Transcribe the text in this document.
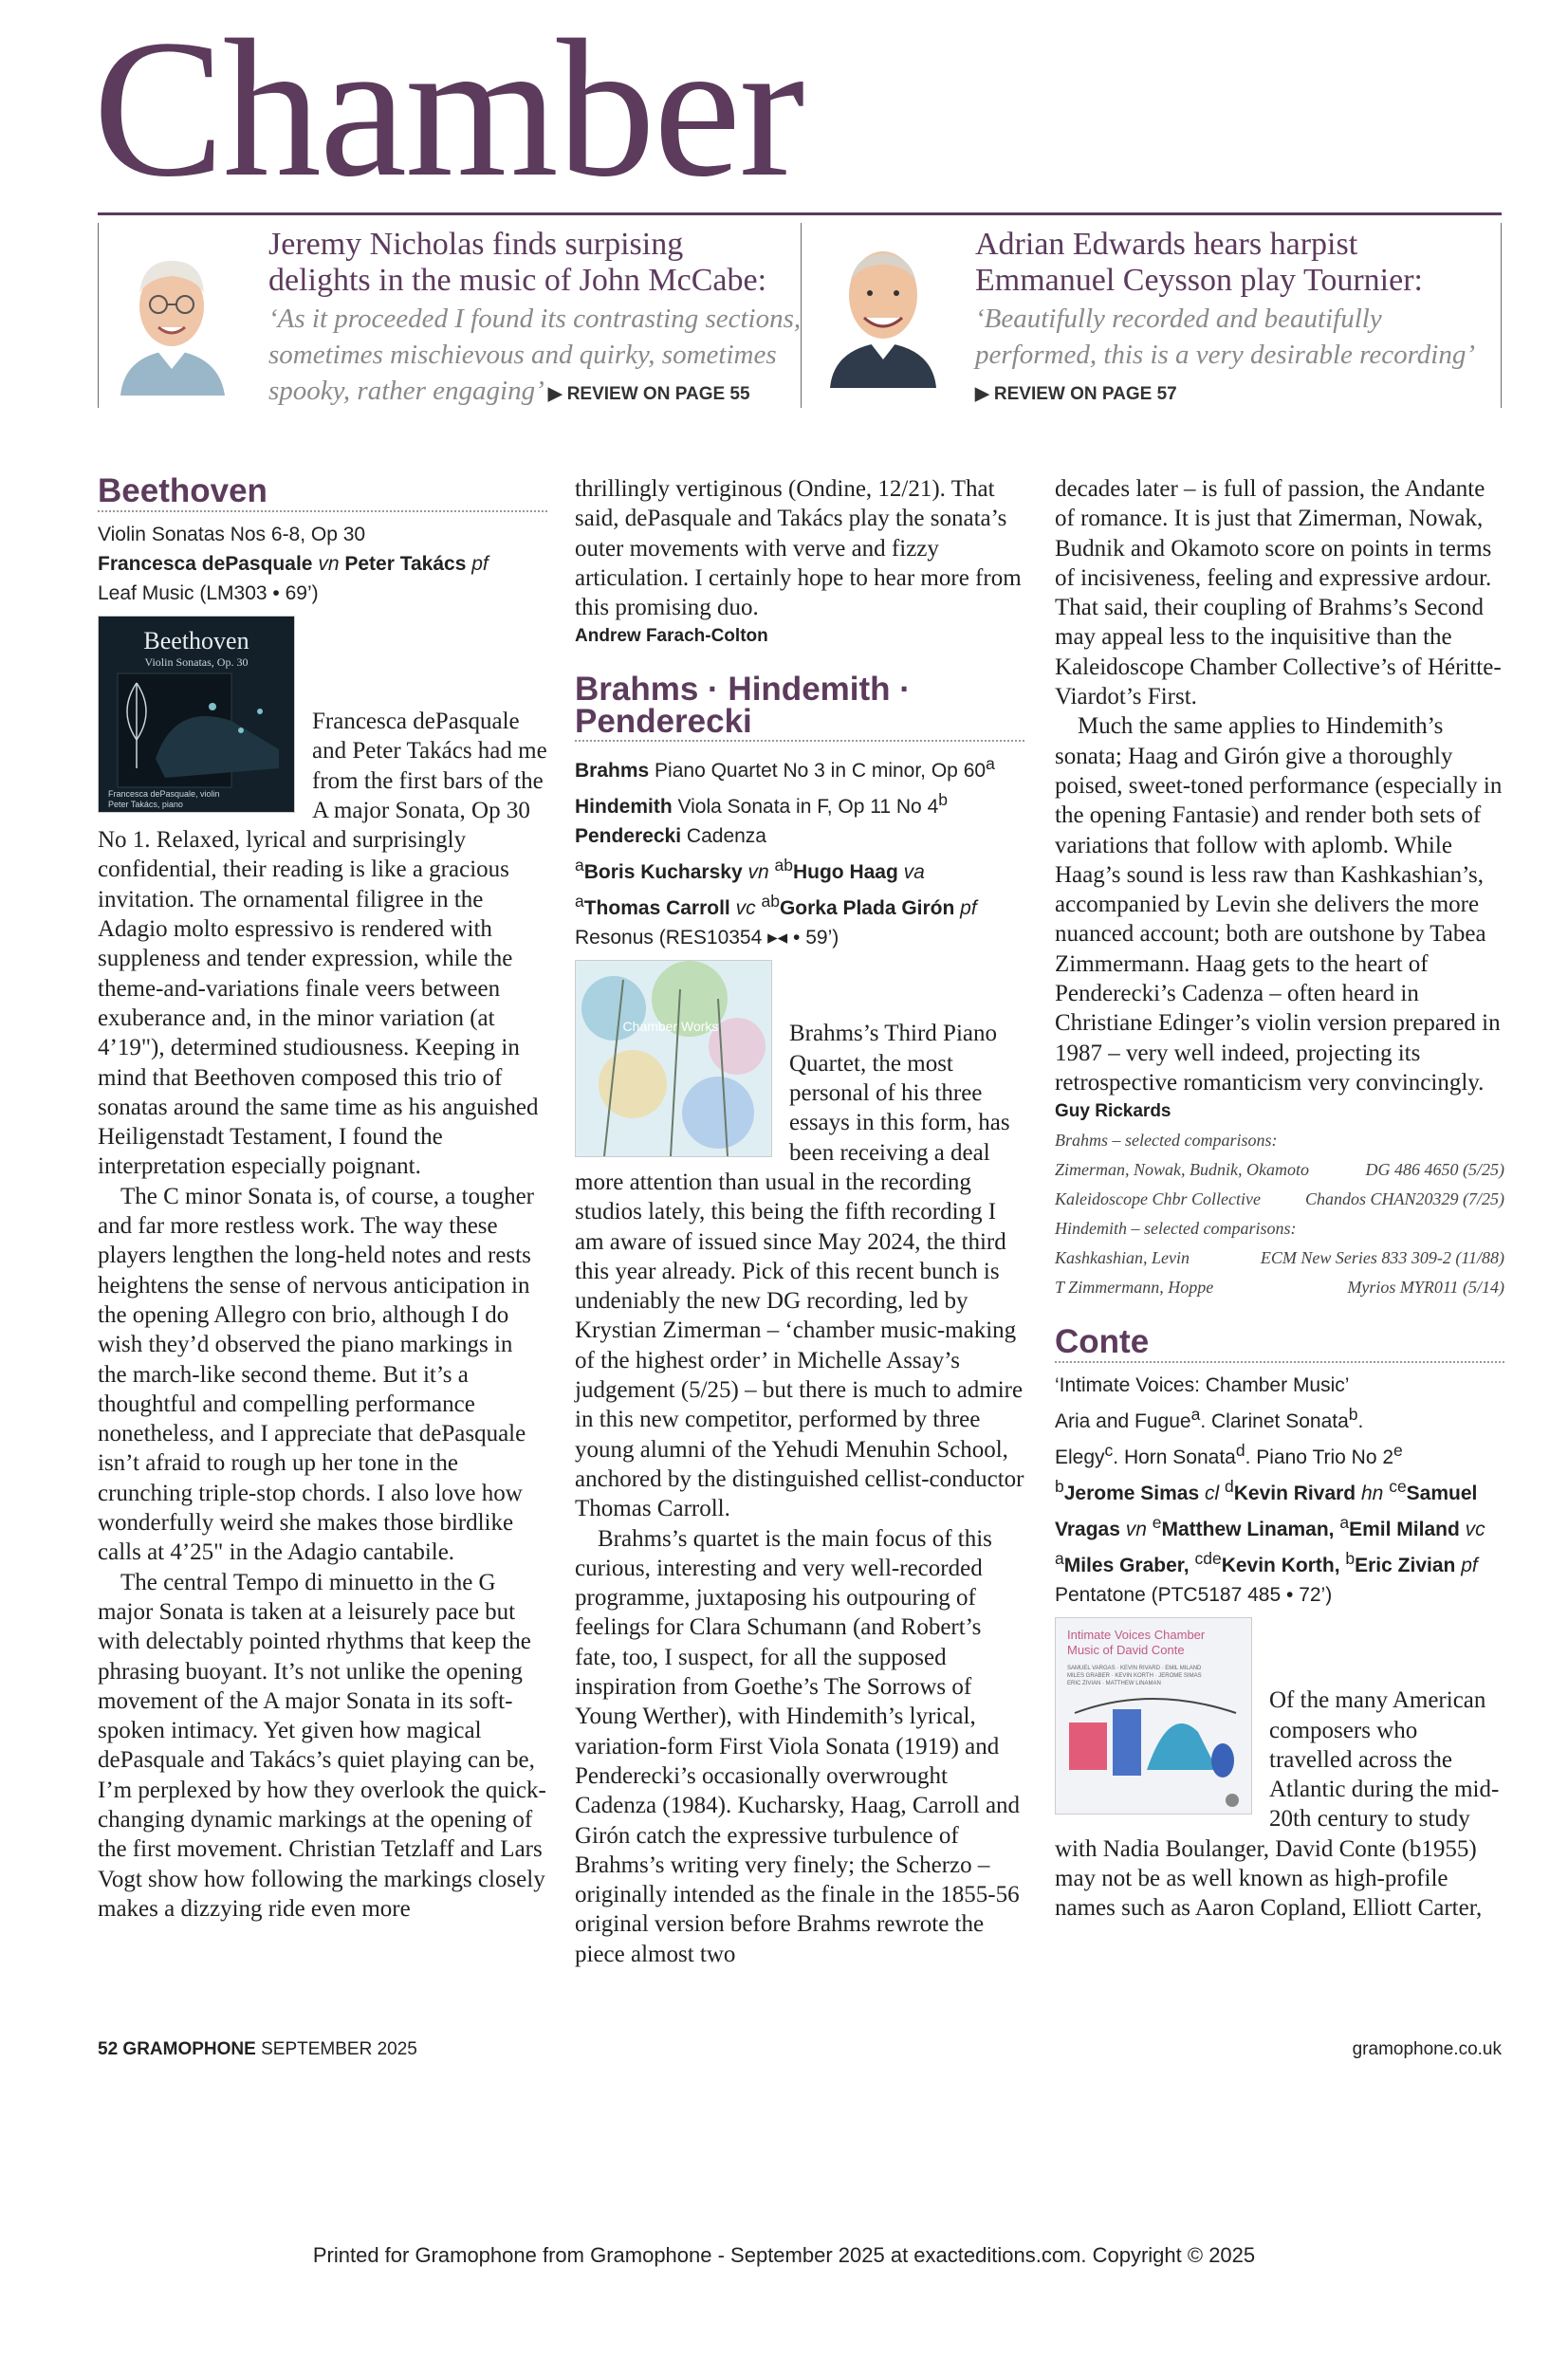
Chamber
Jeremy Nicholas finds surpising
delights in the music of John McCabe:
‘As it proceeded I found its contrasting sections,
sometimes mischievous and quirky, sometimes
spooky, rather engaging’ ▶ REVIEW ON PAGE 55
Adrian Edwards hears harpist
Emmanuel Ceysson play Tournier:
‘Beautifully recorded and beautifully
performed, this is a very desirable recording’
▶ REVIEW ON PAGE 57
Beethoven
Violin Sonatas Nos 6-8, Op 30
Francesca dePasquale vn Peter Takács pf
Leaf Music (LM303 • 69’)
Beethoven
Violin Sonatas, Op. 30
Francesca dePasquale, violin
Peter Takács, piano

Francesca dePasquale and Peter Takács had me from the first bars of the A major Sonata, Op 30 No 1. Relaxed, lyrical and surprisingly confidential, their reading is like a gracious invitation. The ornamental filigree in the Adagio molto espressivo is rendered with suppleness and tender expression, while the theme-and-variations finale veers between exuberance and, in the minor variation (at 4’19"), determined studiousness. Keeping in mind that Beethoven composed this trio of sonatas around the same time as his anguished Heiligenstadt Testament, I found the interpretation especially poignant.

The C minor Sonata is, of course, a tougher and far more restless work. The way these players lengthen the long-held notes and rests heightens the sense of nervous anticipation in the opening Allegro con brio, although I do wish they’d observed the piano markings in the march-like second theme. But it’s a thoughtful and compelling performance nonetheless, and I appreciate that dePasquale isn’t afraid to rough up her tone in the crunching triple-stop chords. I also love how wonderfully weird she makes those birdlike calls at 4’25" in the Adagio cantabile.

The central Tempo di minuetto in the G major Sonata is taken at a leisurely pace but with delectably pointed rhythms that keep the phrasing buoyant. It’s not unlike the opening movement of the A major Sonata in its soft-spoken intimacy. Yet given how magical dePasquale and Takács’s quiet playing can be, I’m perplexed by how they overlook the quick-changing dynamic markings at the opening of the first movement. Christian Tetzlaff and Lars Vogt show how following the markings closely makes a dizzying ride even more

thrillingly vertiginous (Ondine, 12/21). That said, dePasquale and Takács play the sonata’s outer movements with verve and fizzy articulation. I certainly hope to hear more from this promising duo.

Andrew Farach-Colton
Brahms · Hindemith ·
Penderecki
Brahms Piano Quartet No 3 in C minor, Op 60$^a$
Hindemith Viola Sonata in F, Op 11 No 4$^b$
Penderecki Cadenza
$^a$Boris Kucharsky vn $^{ab}$Hugo Haag va
$^a$Thomas Carroll vc $^{ab}$Gorka Plada Girón pf
Resonus (RES10354 ▸◂ • 59’)
Chamber Works	Brahms’s Third Piano Quartet, the most personal of his three essays in this form, has been receiving a deal more attention than usual in the recording studios lately, this being the fifth recording I am aware of issued since May 2024, the third this year already. Pick of this recent bunch is undeniably the new DG recording, led by Krystian Zimerman – ‘chamber music-making of the highest order’ in Michelle Assay’s judgement (5/25) – but there is much to admire in this new competitor, performed by three young alumni of the Yehudi Menuhin School, anchored by the distinguished cellist-conductor Thomas Carroll.

Brahms’s quartet is the main focus of this curious, interesting and very well-recorded programme, juxtaposing his outpouring of feelings for Clara Schumann (and Robert’s fate, too, I suspect, for all the supposed inspiration from Goethe’s The Sorrows of Young Werther), with Hindemith’s lyrical, variation-form First Viola Sonata (1919) and Penderecki’s occasionally overwrought Cadenza (1984). Kucharsky, Haag, Carroll and Girón catch the expressive turbulence of Brahms’s writing very finely; the Scherzo – originally intended as the finale in the 1855-56 original version before Brahms rewrote the piece almost two

decades later – is full of passion, the Andante of romance. It is just that Zimerman, Nowak, Budnik and Okamoto score on points in terms of incisiveness, feeling and expressive ardour. That said, their coupling of Brahms’s Second may appeal less to the inquisitive than the Kaleidoscope Chamber Collective’s of Héritte-Viardot’s First.

Much the same applies to Hindemith’s sonata; Haag and Girón give a thoroughly poised, sweet-toned performance (especially in the opening Fantasie) and render both sets of variations that follow with aplomb. While Haag’s sound is less raw than Kashkashian’s, accompanied by Levin she delivers the more nuanced account; both are outshone by Tabea Zimmermann. Haag gets to the heart of Penderecki’s Cadenza – often heard in Christiane Edinger’s violin version prepared in 1987 – very well indeed, projecting its retrospective romanticism very convincingly.

Guy Rickards
Brahms – selected comparisons:
Zimerman, Nowak, Budnik, Okamoto	DG 486 4650 (5/25)
Kaleidoscope Chbr Collective	Chandos CHAN20329 (7/25)
Hindemith – selected comparisons:
Kashkashian, Levin	ECM New Series 833 309-2 (11/88)
T Zimmermann, Hoppe	Myrios MYR011 (5/14)
Conte
‘Intimate Voices: Chamber Music’
Aria and Fugue$^a$. Clarinet Sonata$^b$.
Elegy$^c$. Horn Sonata$^d$. Piano Trio No 2e
$^b$Jerome Simas cl $^d$Kevin Rivard hn $^{ce}$Samuel
Vragas vn $^e$Matthew Linaman, $^a$Emil Miland vc
$^a$Miles Graber, $^{cde}$Kevin Korth, $^b$Eric Zivian pf
Pentatone (PTC5187 485 • 72’)
Intimate Voices Chamber
Music of David Conte
SAMUEL VARGAS · KEVIN RIVARD · EMIL MILAND
MILES GRABER · KEVIN KORTH · JEROME SIMAS
ERIC ZIVIAN · MATTHEW LINAMAN

Of the many American composers who travelled across the Atlantic during the mid-20th century to study with Nadia Boulanger, David Conte (b1955) may not be as well known as high-profile names such as Aaron Copland, Elliott Carter,

52 GRAMOPHONE SEPTEMBER 2025	gramophone.co.uk
Printed for Gramophone from Gramophone - September 2025 at exacteditions.com. Copyright © 2025
